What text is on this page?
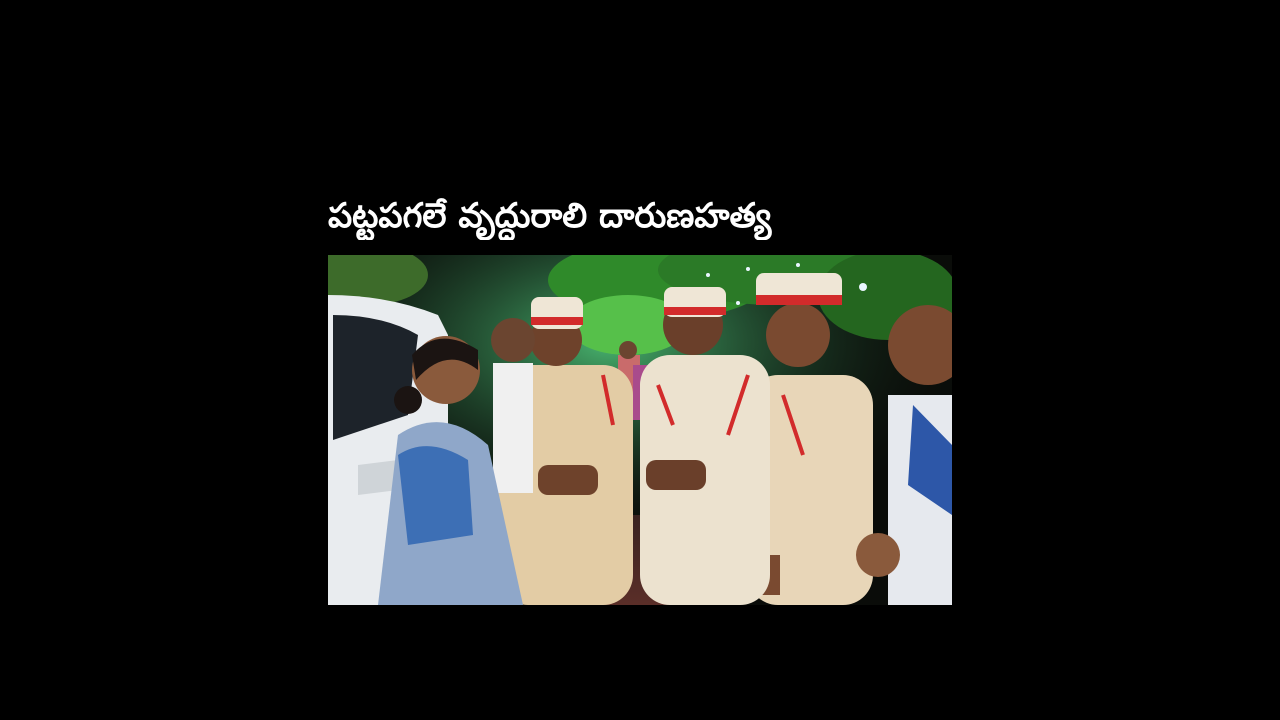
పట్టపగలే వృద్ధురాలి దారుణహత్య
